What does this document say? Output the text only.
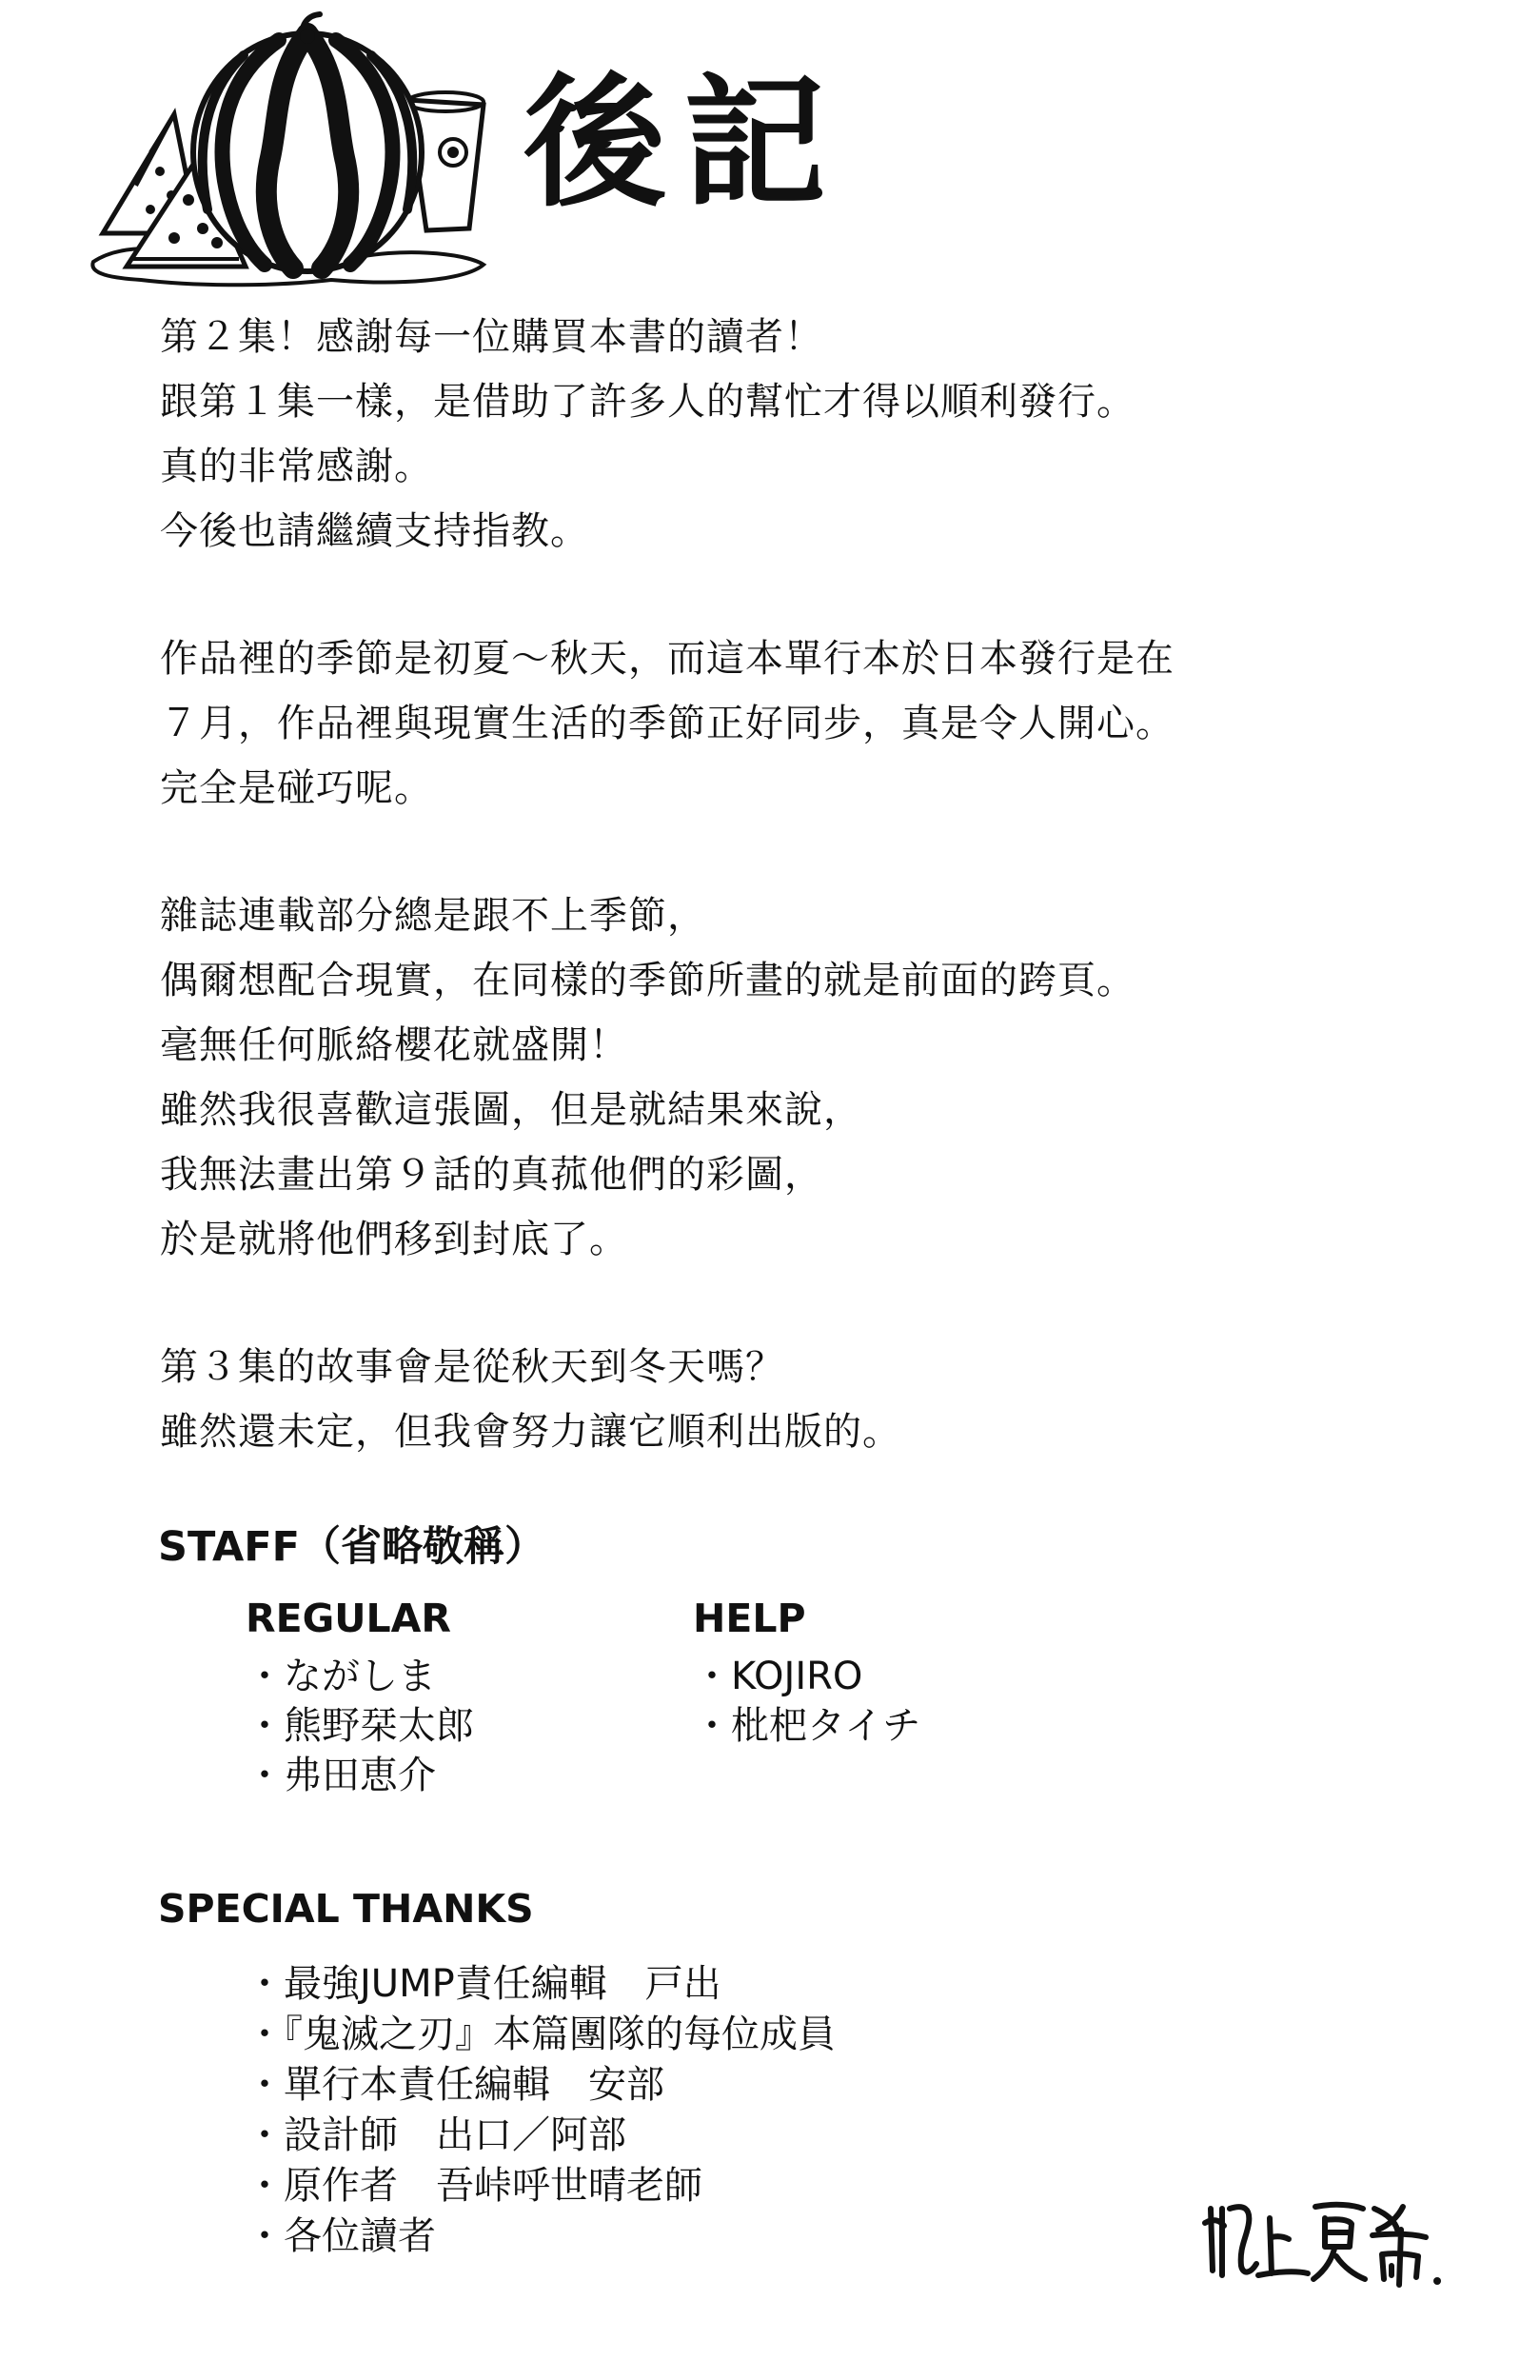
後記
第２集！感謝每一位購買本書的讀者！
跟第１集一樣，是借助了許多人的幫忙才得以順利發行。
真的非常感謝。
今後也請繼續支持指教。
作品裡的季節是初夏～秋天，而這本單行本於日本發行是在
７月，作品裡與現實生活的季節正好同步，真是令人開心。
完全是碰巧呢。
雜誌連載部分總是跟不上季節，
偶爾想配合現實，在同樣的季節所畫的就是前面的跨頁。
毫無任何脈絡櫻花就盛開！
雖然我很喜歡這張圖，但是就結果來說，
我無法畫出第９話的真菰他們的彩圖，
於是就將他們移到封底了。
第３集的故事會是從秋天到冬天嗎？
雖然還未定，但我會努力讓它順利出版的。
STAFF（省略敬稱）
REGULAR
・ながしま
・熊野栞太郎
・弗田恵介
HELP
・KOJIRO
・枇杷タイチ
SPECIAL THANKS
・最強JUMP責任編輯　戸出
・『鬼滅之刃』本篇團隊的每位成員
・單行本責任編輯　安部
・設計師　出口／阿部
・原作者　吾峠呼世晴老師
・各位讀者
